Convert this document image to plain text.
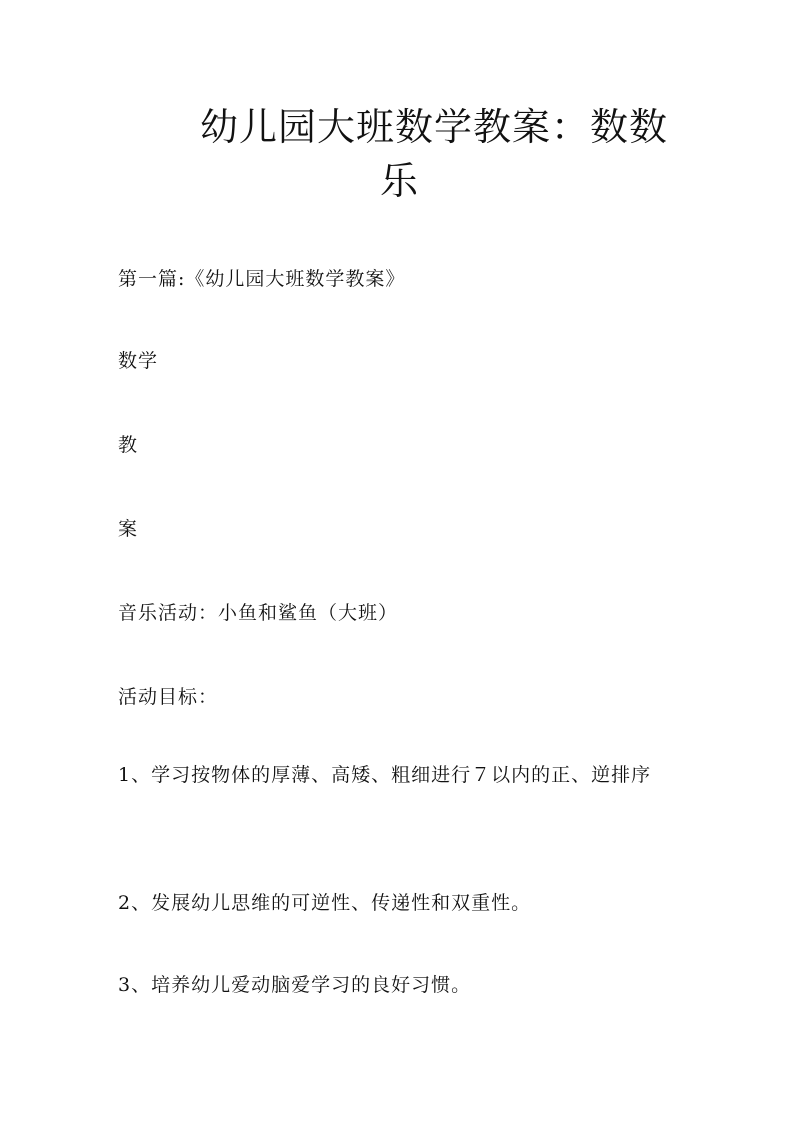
幼儿园大班数学教案：数数
乐

第一篇:《幼儿园大班数学教案》

数学

教

案

音乐活动：小鱼和鲨鱼（大班）

活动目标：

1、学习按物体的厚薄、高矮、粗细进行７以内的正、逆排序

2、发展幼儿思维的可逆性、传递性和双重性。

3、培养幼儿爱动脑爱学习的良好习惯。
